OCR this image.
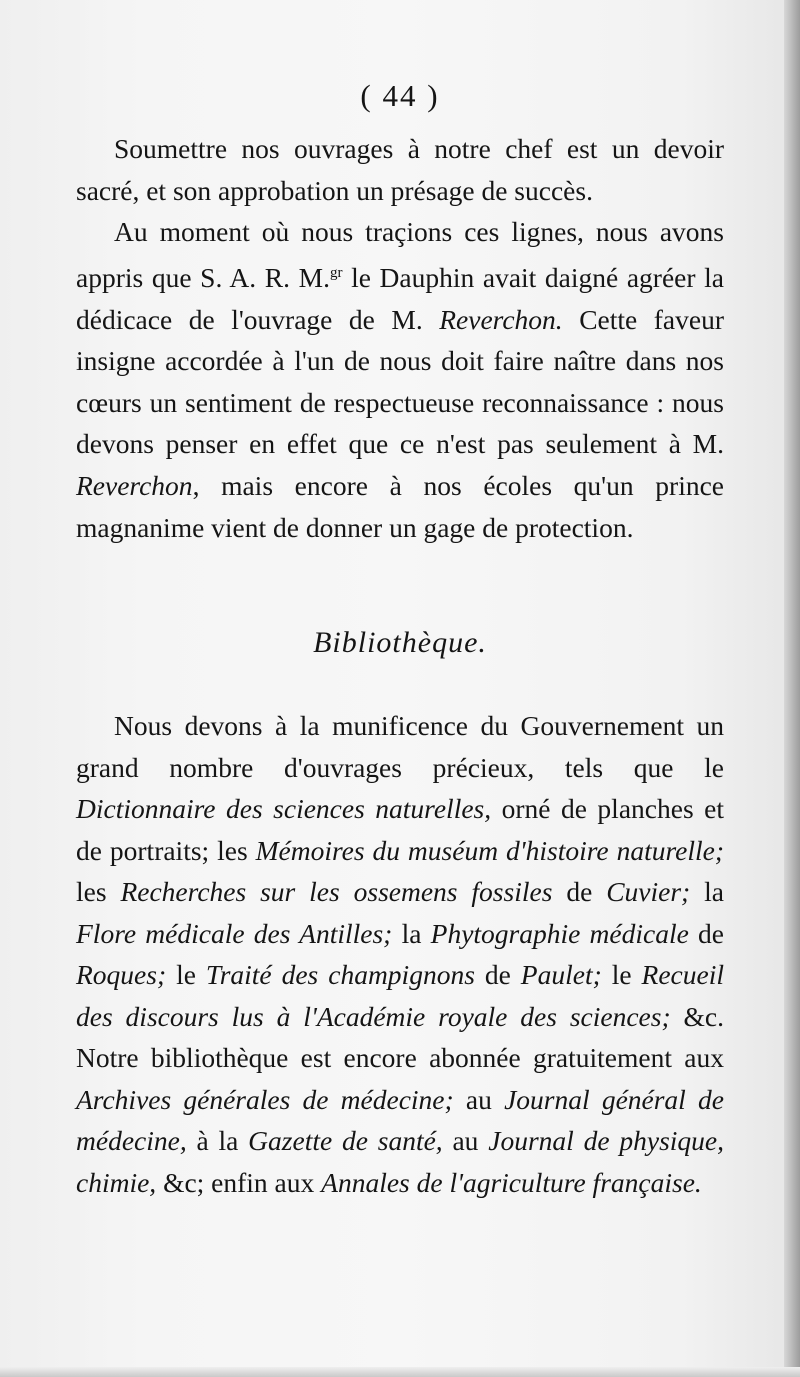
( 44 )

Soumettre nos ouvrages à notre chef est un devoir sacré, et son approbation un présage de succès.

Au moment où nous traçions ces lignes, nous avons appris que S. A. R. M.$^{gr}$ le Dauphin avait daigné agréer la dédicace de l'ouvrage de M. Reverchon. Cette faveur insigne accordée à l'un de nous doit faire naître dans nos cœurs un sentiment de respectueuse reconnaissance : nous devons penser en effet que ce n'est pas seulement à M. Reverchon, mais encore à nos écoles qu'un prince magnanime vient de donner un gage de protection.

Bibliothèque.

Nous devons à la munificence du Gouvernement un grand nombre d'ouvrages précieux, tels que le Dictionnaire des sciences naturelles, orné de planches et de portraits; les Mémoires du muséum d'histoire naturelle; les Recherches sur les ossemens fossiles de Cuvier; la Flore médicale des Antilles; la Phytographie médicale de Roques; le Traité des champignons de Paulet; le Recueil des discours lus à l'Académie royale des sciences; &c. Notre bibliothèque est encore abonnée gratuitement aux Archives générales de médecine; au Journal général de médecine, à la Gazette de santé, au Journal de physique, chimie, &c; enfin aux Annales de l'agriculture française.
